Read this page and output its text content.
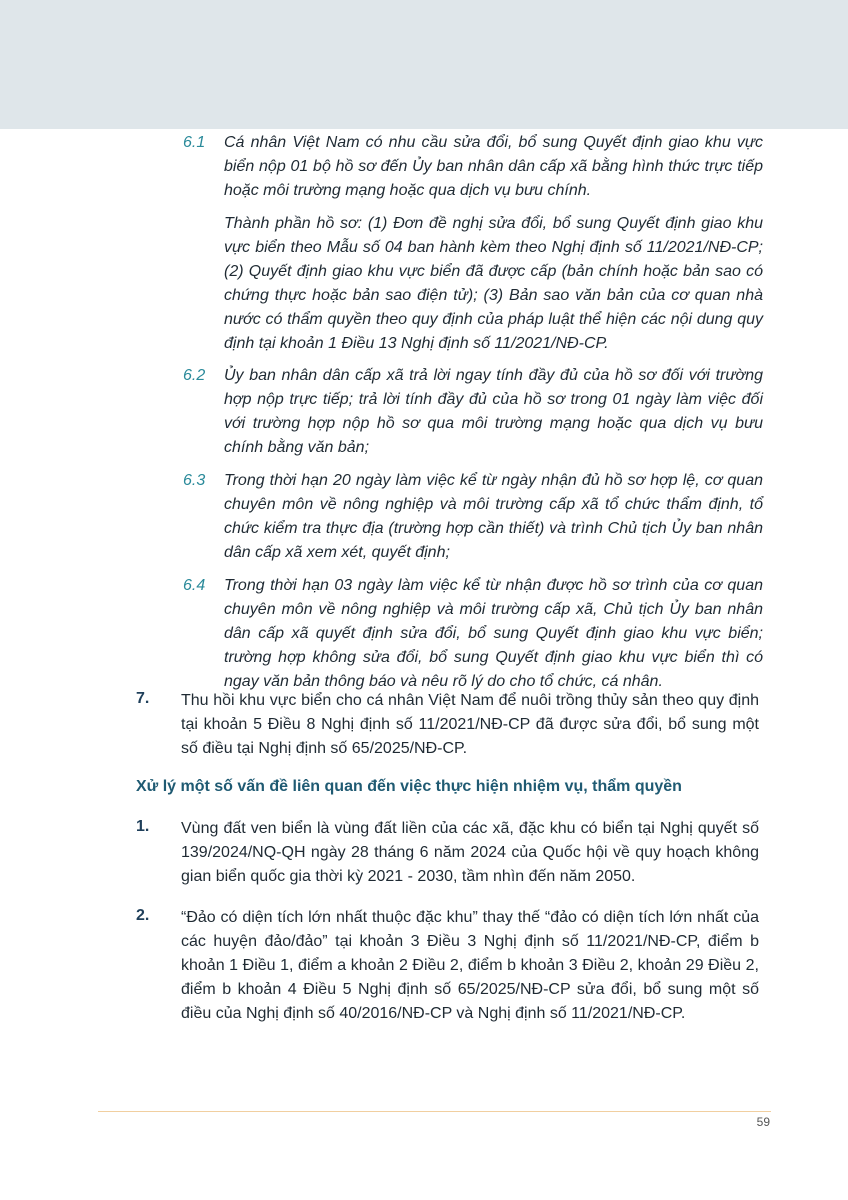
6.1 Cá nhân Việt Nam có nhu cầu sửa đổi, bổ sung Quyết định giao khu vực biển nộp 01 bộ hồ sơ đến Ủy ban nhân dân cấp xã bằng hình thức trực tiếp hoặc môi trường mạng hoặc qua dịch vụ bưu chính.

Thành phần hồ sơ: (1) Đơn đề nghị sửa đổi, bổ sung Quyết định giao khu vực biển theo Mẫu số 04 ban hành kèm theo Nghị định số 11/2021/NĐ-CP; (2) Quyết định giao khu vực biển đã được cấp (bản chính hoặc bản sao có chứng thực hoặc bản sao điện tử); (3) Bản sao văn bản của cơ quan nhà nước có thẩm quyền theo quy định của pháp luật thể hiện các nội dung quy định tại khoản 1 Điều 13 Nghị định số 11/2021/NĐ-CP.

6.2 Ủy ban nhân dân cấp xã trả lời ngay tính đầy đủ của hồ sơ đối với trường hợp nộp trực tiếp; trả lời tính đầy đủ của hồ sơ trong 01 ngày làm việc đối với trường hợp nộp hồ sơ qua môi trường mạng hoặc qua dịch vụ bưu chính bằng văn bản;

6.3 Trong thời hạn 20 ngày làm việc kể từ ngày nhận đủ hồ sơ hợp lệ, cơ quan chuyên môn về nông nghiệp và môi trường cấp xã tổ chức thẩm định, tổ chức kiểm tra thực địa (trường hợp cần thiết) và trình Chủ tịch Ủy ban nhân dân cấp xã xem xét, quyết định;

6.4 Trong thời hạn 03 ngày làm việc kể từ nhận được hồ sơ trình của cơ quan chuyên môn về nông nghiệp và môi trường cấp xã, Chủ tịch Ủy ban nhân dân cấp xã quyết định sửa đổi, bổ sung Quyết định giao khu vực biển; trường hợp không sửa đổi, bổ sung Quyết định giao khu vực biển thì có ngay văn bản thông báo và nêu rõ lý do cho tổ chức, cá nhân.

7. Thu hồi khu vực biển cho cá nhân Việt Nam để nuôi trồng thủy sản theo quy định tại khoản 5 Điều 8 Nghị định số 11/2021/NĐ-CP đã được sửa đổi, bổ sung một số điều tại Nghị định số 65/2025/NĐ-CP.
Xử lý một số vấn đề liên quan đến việc thực hiện nhiệm vụ, thẩm quyền
1. Vùng đất ven biển là vùng đất liền của các xã, đặc khu có biển tại Nghị quyết số 139/2024/NQ-QH ngày 28 tháng 6 năm 2024 của Quốc hội về quy hoạch không gian biển quốc gia thời kỳ 2021 - 2030, tầm nhìn đến năm 2050.
2. “Đảo có diện tích lớn nhất thuộc đặc khu” thay thế “đảo có diện tích lớn nhất của các huyện đảo/đảo” tại khoản 3 Điều 3 Nghị định số 11/2021/NĐ-CP, điểm b khoản 1 Điều 1, điểm a khoản 2 Điều 2, điểm b khoản 3 Điều 2, khoản 29 Điều 2, điểm b khoản 4 Điều 5 Nghị định số 65/2025/NĐ-CP sửa đổi, bổ sung một số điều của Nghị định số 40/2016/NĐ-CP và Nghị định số 11/2021/NĐ-CP.
59
